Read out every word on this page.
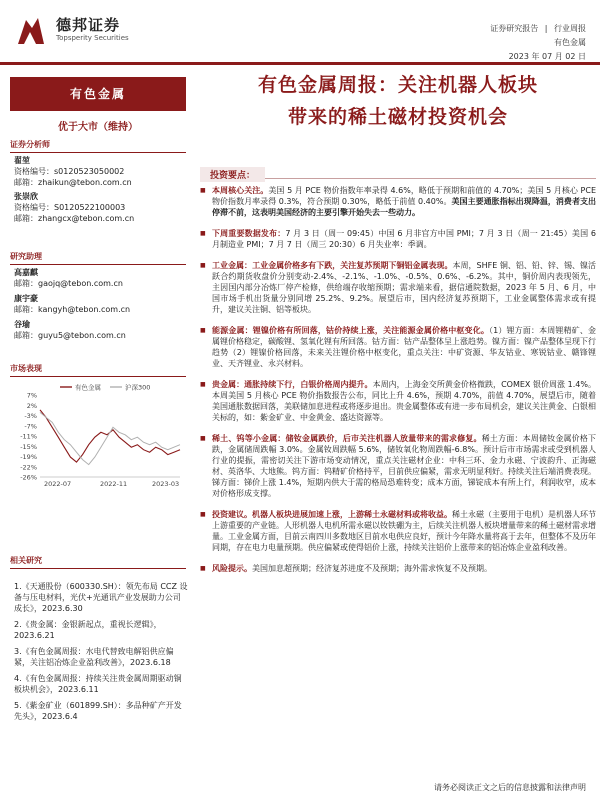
德邦证券
Topsperity Securities
证券研究报告 | 行业周报
有色金属
2023 年 07 月 02 日
有色金属
优于大市（维持）
证券分析师
翟堃
资格编号：s0120523050002
邮箱：zhaikun@tebon.com.cn
张崇欣
资格编号：S0120522100003
邮箱：zhangcx@tebon.com.cn
研究助理
高嘉麒
邮箱：gaojq@tebon.com.cn
康宇豪
邮箱：kangyh@tebon.com.cn
谷瑜
邮箱：guyu5@tebon.com.cn
市场表现
7%
2%
-3%
-7%
-11%
-15%
-19%
-22%
-26%
2022-07	2022-11	2023-03
有色金属	沪深300
相关研究
1.《天通股份（600330.SH）：领先布局 CCZ 设备与压电材料，光伏+光通讯产业发展助力公司成长》，2023.6.30
2.《贵金属：金银新起点，重视长逻辑》，2023.6.21
3.《有色金属周报：水电代替致电解铝供应偏紧，关注铝冶炼企业盈利改善》，2023.6.18
4.《有色金属周报：持续关注贵金属周期驱动铜板块机会》，2023.6.11
5.《紫金矿业（601899.SH）：多品种矿产开发先头》，2023.6.4
有色金属周报：关注机器人板块
带来的稀土磁材投资机会
投资要点：
■ 本周核心关注。美国 5 月 PCE 物价指数年率录得 4.6%，略低于预期和前值的 4.70%；美国 5 月核心 PCE 物价指数月率录得 0.3%，符合预期 0.30%，略低于前值 0.40%。美国主要通胀指标出现降温，消费者支出停滞不前，这表明美国经济的主要引擎开始失去一些动力。
■ 下周重要数据发布：7 月 3 日（周一 09:45）中国 6 月非官方中国 PMI；7 月 3 日（周一 21:45）美国 6 月制造业 PMI；7 月 7 日（周三 20:30）6 月失业率：季调。
■ 工业金属：工业金属价格多有下跌，关注复苏预期下铜铝金属表现。本周，SHFE 铜、铝、铅、锌、锡、镍活跃合约期货收盘价分别变动-2.4%、-2.1%、-1.0%、-0.5%、0.6%、-6.2%。其中，铜价周内表现领先，主因国内部分冶炼厂停产检修，供给端存收缩预期；需求端来看，据信通院数据，2023 年 5 月、6 月，中国市场手机出货量分别同增 25.2%、9.2%。展望后市，国内经济复苏预期下，工业金属整体需求或有提升，建议关注铜、铝等板块。
■ 能源金属：锂镍价格有所回落，钴价持续上涨，关注能源金属价格中枢变化。（1）锂方面：本周锂精矿、金属锂价格稳定，碳酸锂、氢氧化锂有所回落。钴方面：钴产品整体呈上涨趋势。镍方面：镍产品整体呈现下行趋势（2）锂镍价格回落，未来关注锂价格中枢变化，重点关注：中矿资源、华友钴业、寒锐钴业、赣锋锂业、天齐锂业、永兴材料。
■ 贵金属：通胀持续下行，白银价格周内提升。本周内，上海金交所黄金价格微跌，COMEX 银价周涨 1.4%。本周美国 5 月核心 PCE 物价指数报告公布，同比上升 4.6%，预期 4.70%，前值 4.70%，展望后市，随着美国通胀数据回落，美联储加息进程或将逐步退出。贵金属整体或有进一步布局机会，建议关注黄金、白银相关标的，如：紫金矿业、中金黄金、盛达资源等。
■ 稀土、钨等小金属：储钕金属跌价，后市关注机器人放量带来的需求修复。稀土方面：本周储钕金属价格下跌，金属储周跌幅 3.0%。金属钕周跌幅 5.6%，储钕氧化物周跌幅-6.8%。预计后市市场需求或受到机器人行业的提振，需密切关注下游市场变动情况，重点关注磁材企业：中科三环、金力永磁、宁波韵升、正海磁材、英洛华、大地熊。钨方面：钨精矿价格持平，目前供应偏紧，需求无明显利好。持续关注后端消费表现。锑方面：锑价上涨 1.4%，短期内供大于需的格局恐难转变；成本方面，锑锭成本有所上行，利润收窄，成本对价格形成支撑。
■ 投资建议。机器人板块进展加速上涨，上游稀土永磁材料或将收益。稀土永磁（主要用于电机）是机器人环节上游重要的产业链。人形机器人电机所需永磁以钕铁硼为主，后续关注机器人板块增量带来的稀土磁材需求增量。工业金属方面，目前云南四川多数地区目前水电供应良好，预计今年降水量将高于去年，但整体不及历年同期，存在电力电量预期。供应偏紧或使得铝价上涨，持续关注铝价上涨带来的铝冶炼企业盈利改善。
■ 风险提示。美国加息超预期；经济复苏进度不及预期；海外需求恢复不及预期。
请务必阅读正文之后的信息披露和法律声明
